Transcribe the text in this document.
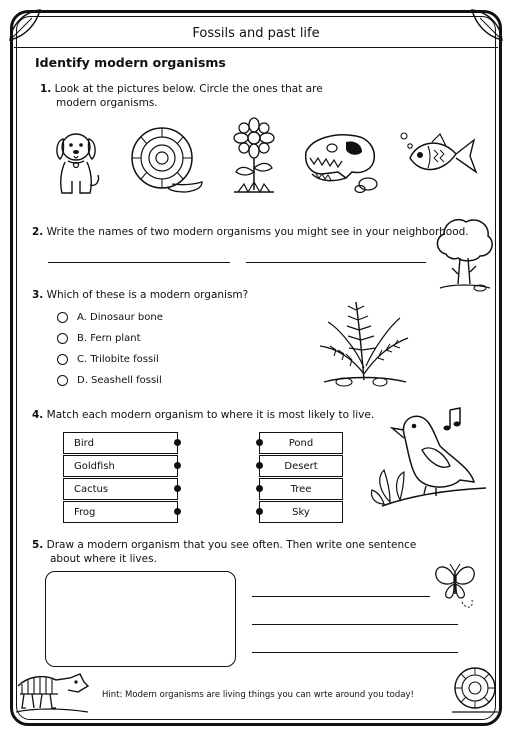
Fossils and past life
Identify modern organisms
1. Look at the pictures below. Circle the ones that are
modern organisms.
2. Write the names of two modern organisms you might see in your neighborhood.
3. Which of these is a modern organism?
A. Dinosaur bone
B. Fern plant
C. Trilobite fossil
D. Seashell fossil
4. Match each modern organism to where it is most likely to live.
Bird
Goldfish
Cactus
Frog
Pond
Desert
Tree
Sky
5. Draw a modern organism that you see often. Then write one sentence
about where it lives.
Hint: Modern organisms are living things you can wrte around you today!
